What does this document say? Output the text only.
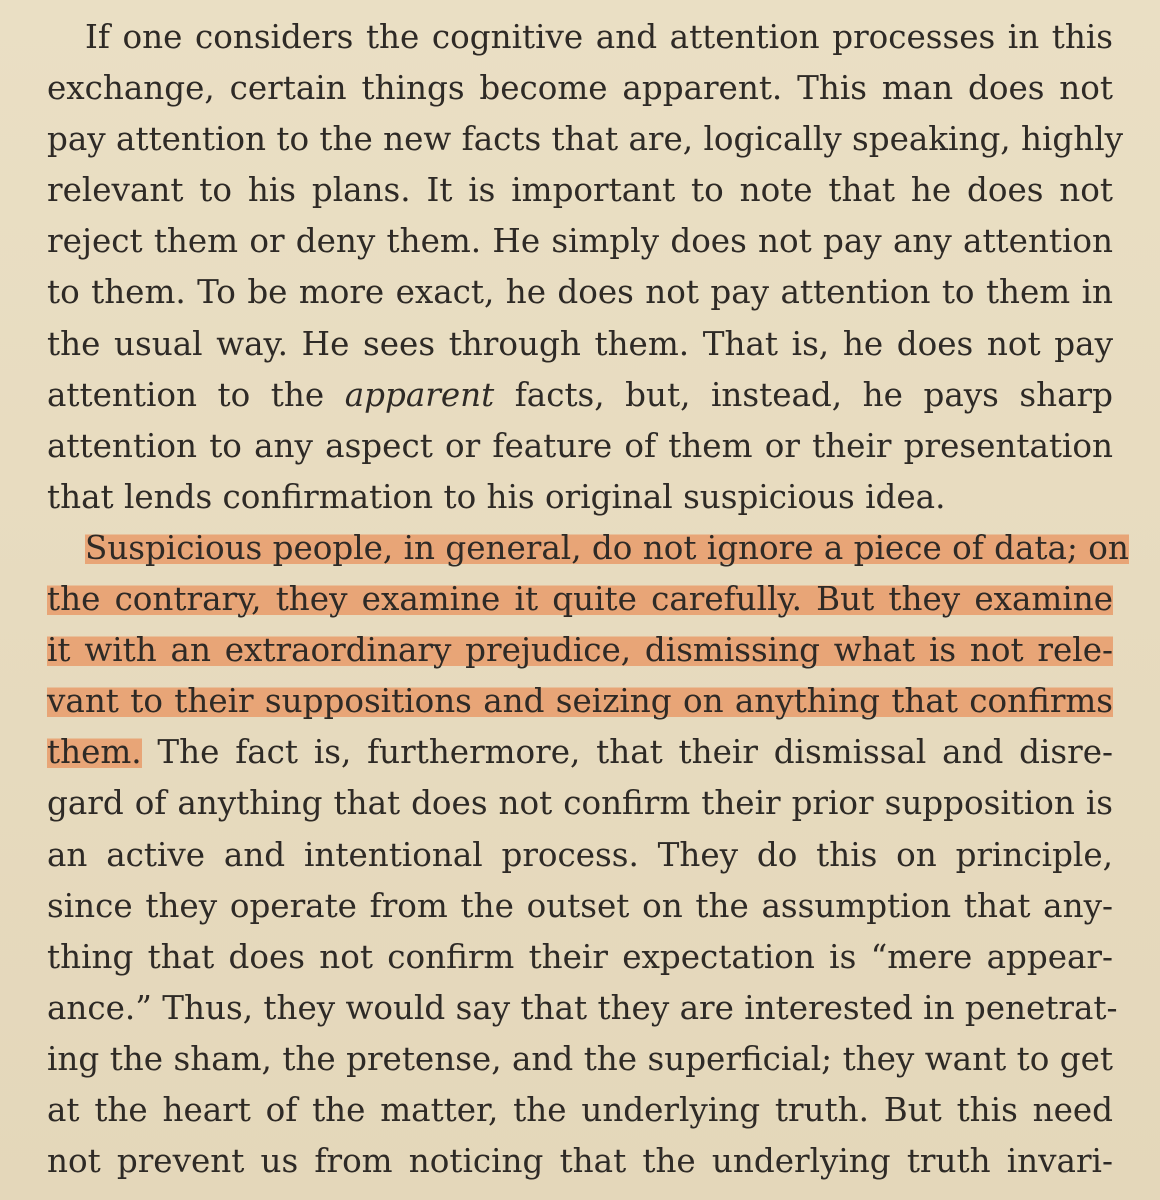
If one considers the cognitive and attention processes in this
exchange, certain things become apparent. This man does not
pay attention to the new facts that are, logically speaking, highly
relevant to his plans. It is important to note that he does not
reject them or deny them. He simply does not pay any attention
to them. To be more exact, he does not pay attention to them in
the usual way. He sees through them. That is, he does not pay
attention to the apparent facts, but, instead, he pays sharp
attention to any aspect or feature of them or their presentation
that lends confirmation to his original suspicious idea.
Suspicious people, in general, do not ignore a piece of data; on
the contrary, they examine it quite carefully. But they examine
it with an extraordinary prejudice, dismissing what is not rele-
vant to their suppositions and seizing on anything that confirms
them. The fact is, furthermore, that their dismissal and disre-
gard of anything that does not confirm their prior supposition is
an active and intentional process. They do this on principle,
since they operate from the outset on the assumption that any-
thing that does not confirm their expectation is “mere appear-
ance.” Thus, they would say that they are interested in penetrat-
ing the sham, the pretense, and the superficial; they want to get
at the heart of the matter, the underlying truth. But this need
not prevent us from noticing that the underlying truth invari-
